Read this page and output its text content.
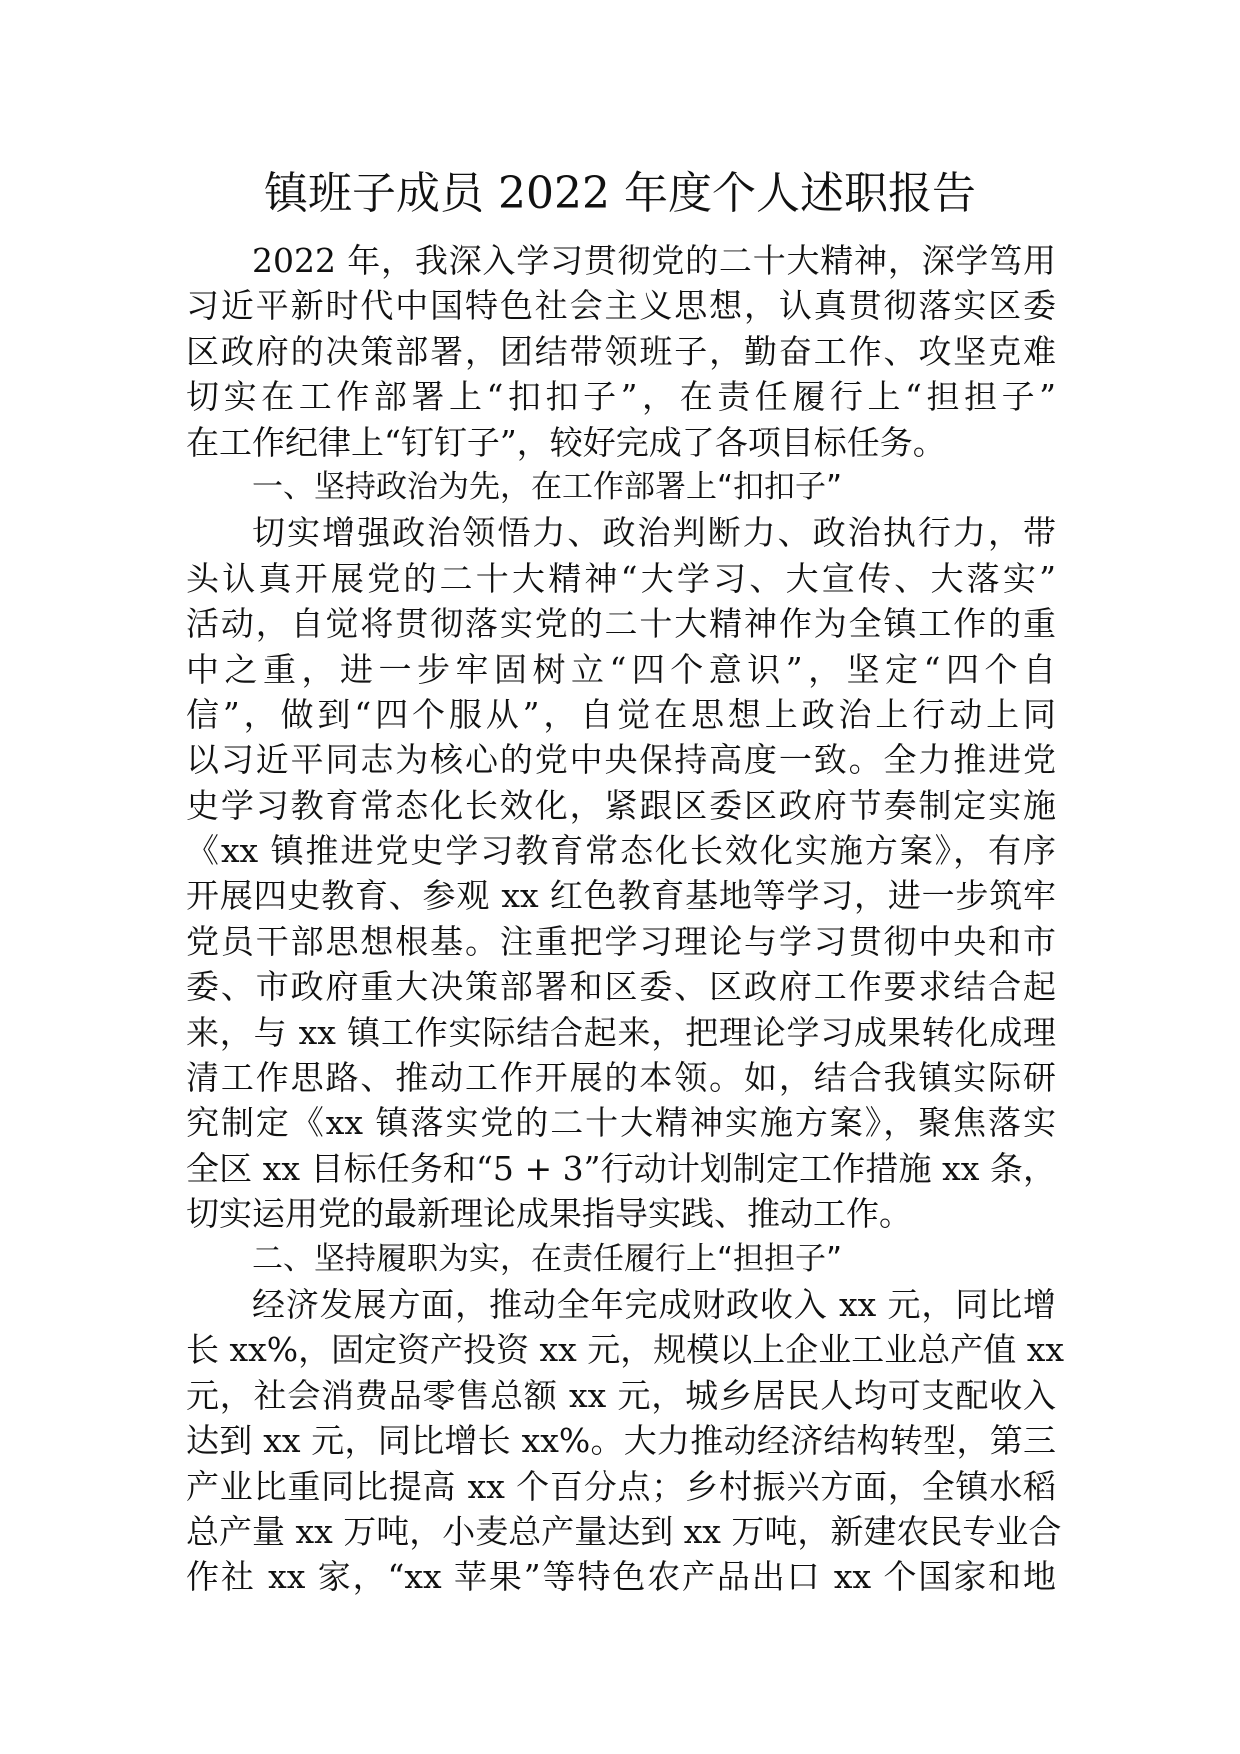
镇班子成员 2022 年度个人述职报告
2022 年，我深入学习贯彻党的二十大精神，深学笃用
习近平新时代中国特色社会主义思想，认真贯彻落实区委
区政府的决策部署，团结带领班子，勤奋工作、攻坚克难
切实在工作部署上“扣扣子”，在责任履行上“担担子”
在工作纪律上“钉钉子”，较好完成了各项目标任务。
一、坚持政治为先，在工作部署上“扣扣子”
切实增强政治领悟力、政治判断力、政治执行力，带
头认真开展党的二十大精神“大学习、大宣传、大落实”
活动，自觉将贯彻落实党的二十大精神作为全镇工作的重
中之重，进一步牢固树立“四个意识”，坚定“四个自
信”，做到“四个服从”，自觉在思想上政治上行动上同
以习近平同志为核心的党中央保持高度一致。全力推进党
史学习教育常态化长效化，紧跟区委区政府节奏制定实施
《xx 镇推进党史学习教育常态化长效化实施方案》，有序
开展四史教育、参观 xx 红色教育基地等学习，进一步筑牢
党员干部思想根基。注重把学习理论与学习贯彻中央和市
委、市政府重大决策部署和区委、区政府工作要求结合起
来，与 xx 镇工作实际结合起来，把理论学习成果转化成理
清工作思路、推动工作开展的本领。如，结合我镇实际研
究制定《xx 镇落实党的二十大精神实施方案》，聚焦落实
全区 xx 目标任务和“5 + 3”行动计划制定工作措施 xx 条，
切实运用党的最新理论成果指导实践、推动工作。
二、坚持履职为实，在责任履行上“担担子”
经济发展方面，推动全年完成财政收入 xx 元，同比增
长 xx%，固定资产投资 xx 元，规模以上企业工业总产值 xx
元，社会消费品零售总额 xx 元，城乡居民人均可支配收入
达到 xx 元，同比增长 xx%。大力推动经济结构转型，第三
产业比重同比提高 xx 个百分点；乡村振兴方面，全镇水稻
总产量 xx 万吨，小麦总产量达到 xx 万吨，新建农民专业合
作社 xx 家，“xx 苹果”等特色农产品出口 xx 个国家和地
